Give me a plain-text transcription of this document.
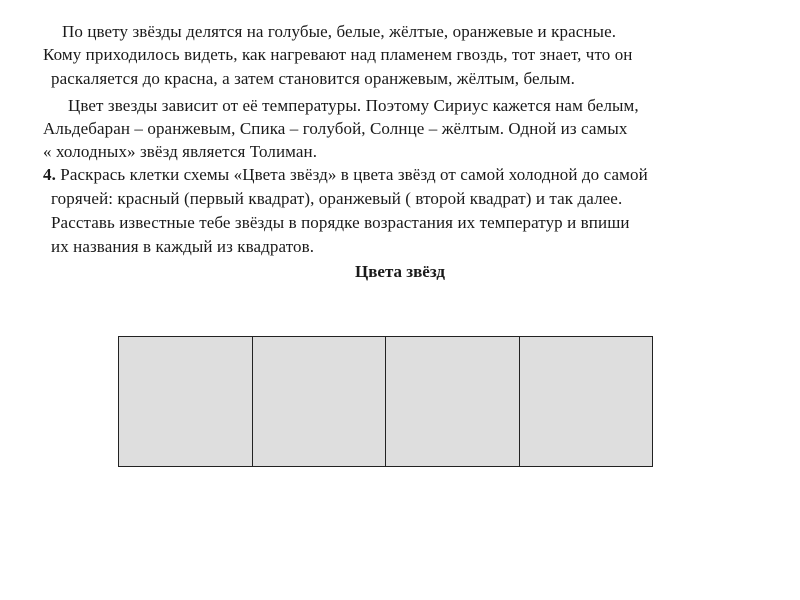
По цвету звёзды делятся на голубые, белые, жёлтые, оранжевые и красные.
Кому приходилось видеть, как нагревают над пламенем гвоздь, тот знает, что он
раскаляется до красна, а затем становится оранжевым, жёлтым, белым.
Цвет звезды зависит от её температуры. Поэтому Сириус кажется нам белым,
Альдебаран – оранжевым, Спика – голубой, Солнце – жёлтым. Одной из самых
« холодных» звёзд является Толиман.
4. Раскрась клетки схемы «Цвета звёзд» в цвета звёзд от самой холодной до самой
горячей: красный (первый квадрат), оранжевый ( второй квадрат) и так далее.
Расставь известные тебе звёзды в порядке возрастания их температур и впиши
их названия в каждый из квадратов.
Цвета звёзд
